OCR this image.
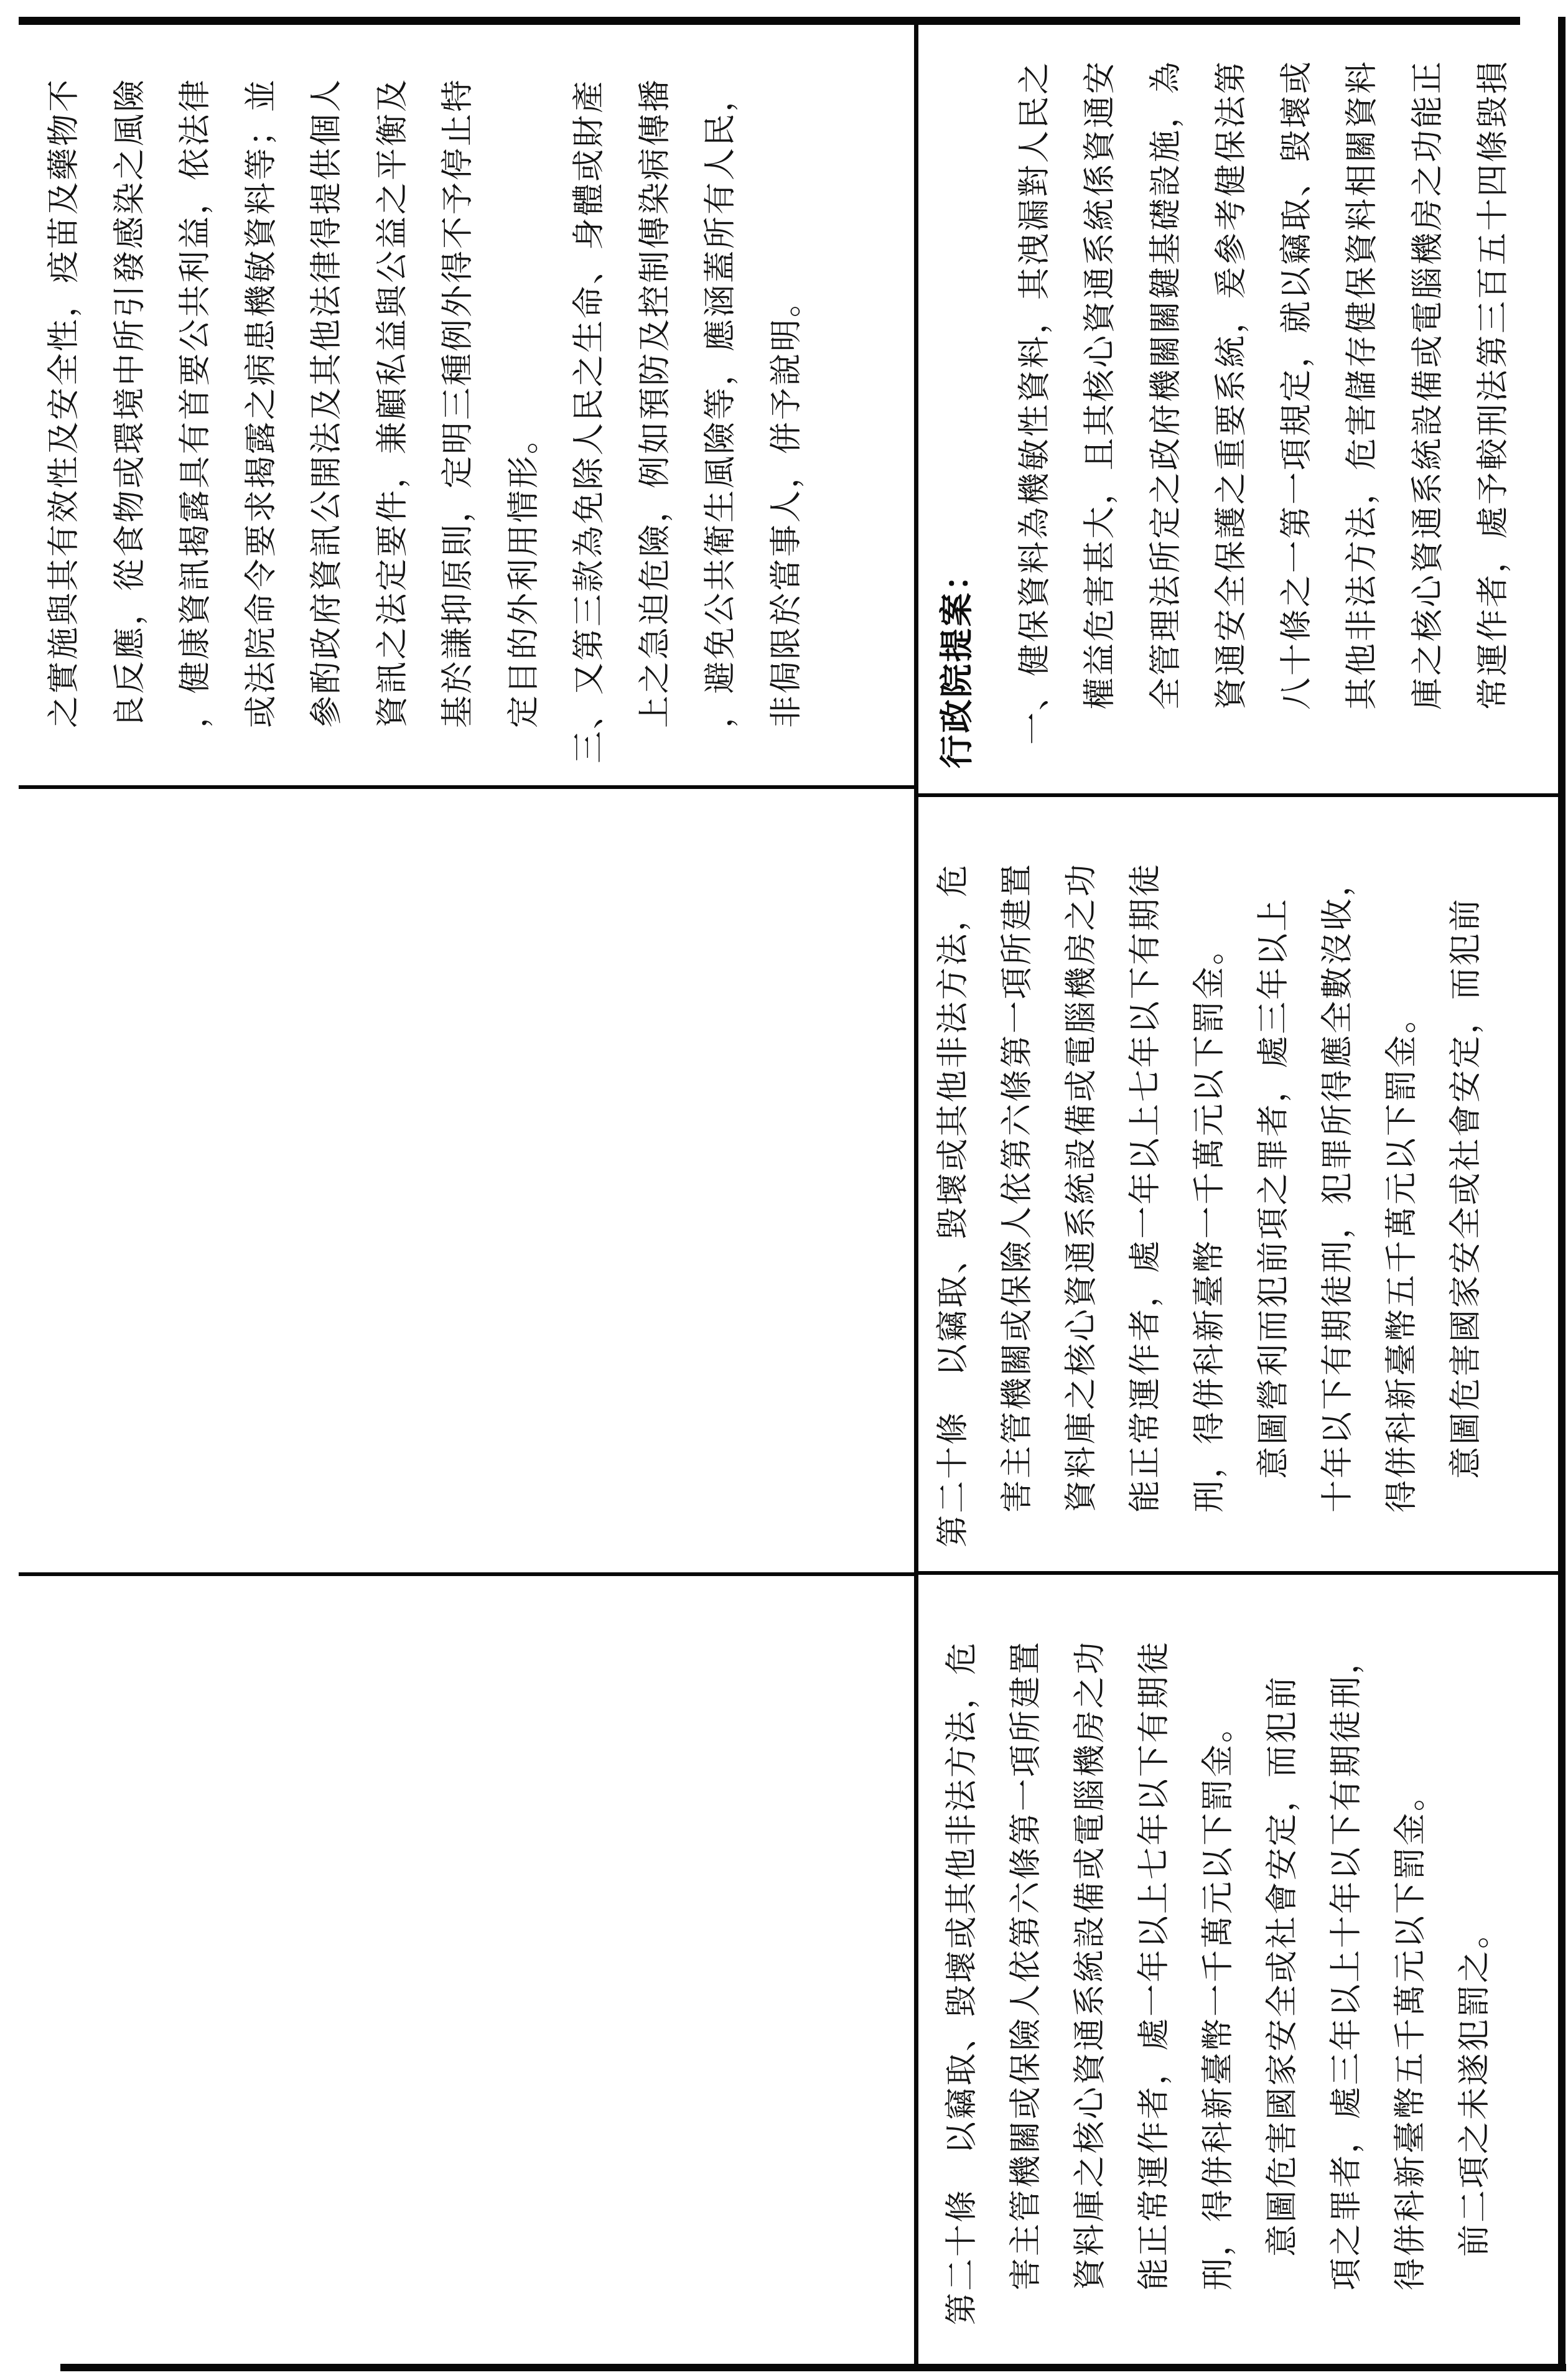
之實施與其有效性及安全性，疫苗及藥物不 良反應，從食物或環境中所引發感染之風險 ，健康資訊揭露具有首要公共利益，依法律 或法院命令要求揭露之病患機敏資料等；並 參酌政府資訊公開法及其他法律得提供個人 資訊之法定要件，兼顧私益與公益之平衡及 基於謙抑原則，定明三種例外得不予停止特 定目的外利用情形。 三、又第三款為免除人民之生命、身體或財產 上之急迫危險，例如預防及控制傳染病傳播 ，避免公共衛生風險等，應涵蓋所有人民， 非侷限於當事人，併予說明。
第二十條　以竊取、毀壞或其他非法方法，危 害主管機關或保險人依第六條第一項所建置 資料庫之核心資通系統設備或電腦機房之功 能正常運作者，處一年以上七年以下有期徒 刑，得併科新臺幣一千萬元以下罰金。 　　意圖危害國家安全或社會安定，而犯前 項之罪者，處三年以上十年以下有期徒刑， 得併科新臺幣五千萬元以下罰金。 　　前二項之未遂犯罰之。
第二十條　以竊取、毀壞或其他非法方法，危 害主管機關或保險人依第六條第一項所建置 資料庫之核心資通系統設備或電腦機房之功 能正常運作者，處一年以上七年以下有期徒 刑，得併科新臺幣一千萬元以下罰金。 　　意圖營利而犯前項之罪者，處三年以上 十年以下有期徒刑，犯罪所得應全數沒收， 得併科新臺幣五千萬元以下罰金。 　　意圖危害國家安全或社會安定，而犯前
行政院提案： 一、健保資料為機敏性資料，其洩漏對人民之 權益危害甚大，且其核心資通系統係資通安 全管理法所定之政府機關關鍵基礎設施，為 資通安全保護之重要系統，爰參考健保法第 八十條之一第一項規定，就以竊取、毀壞或 其他非法方法，危害儲存健保資料相關資料 庫之核心資通系統設備或電腦機房之功能正 常運作者，處予較刑法第三百五十四條毀損
